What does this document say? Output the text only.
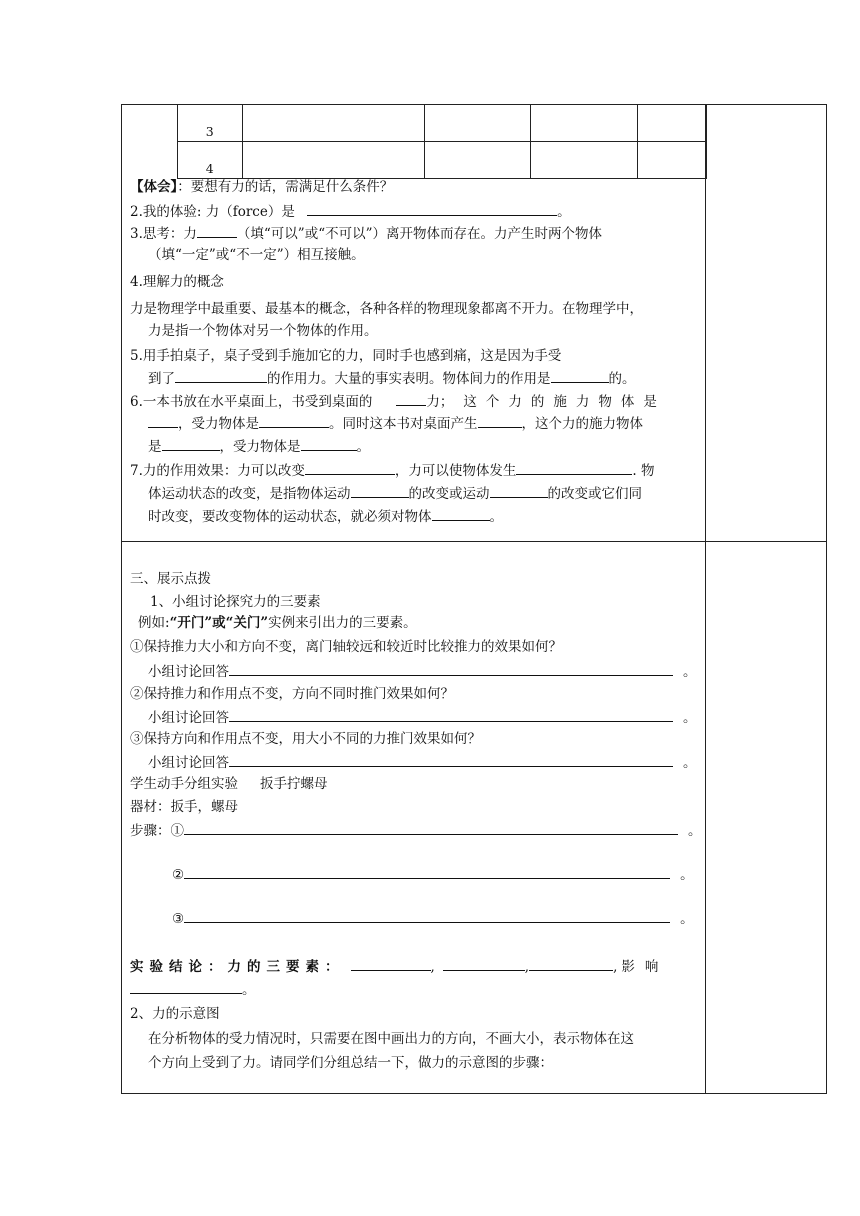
3				
4				
【体会】：要想有力的话，需满足什么条件？
2.我的体验: 力（force）是	。
3.思考：力	（填“可以”或“不可以”）离开物体而存在。力产生时两个物体
（填“一定”或“不一定”）相互接触。
4.理解力的概念
力是物理学中最重要、最基本的概念，各种各样的物理现象都离不开力。在物理学中，
力是指一个物体对另一个物体的作用。
5.用手拍桌子，桌子受到手施加它的力，同时手也感到痛，这是因为手受
到了	的作用力。大量的事实表明。物体间力的作用是	的。
6.一本书放在水平桌面上，书受到桌面的	力； 这个力的施力物体是
，受力物体是	。同时这本书对桌面产生	，这个力的施力物体
是	，受力物体是	。
7.力的作用效果：力可以改变	，力可以使物体发生	. 物
体运动状态的改变，是指物体运动	的改变或运动	的改变或它们同
时改变，要改变物体的运动状态，就必须对物体	。
三、展示点拨
1、小组讨论探究力的三要素
例如:“开门”或“关门”实例来引出力的三要素。
①保持推力大小和方向不变，离门轴较远和较近时比较推力的效果如何？
小组讨论回答	。
②保持推力和作用点不变，方向不同时推门效果如何？
小组讨论回答	。
③保持方向和作用点不变，用大小不同的力推门效果如何？
小组讨论回答	。
学生动手分组实验 扳手拧螺母
器材：扳手，螺母
步骤：①	。
②	。
③	。
实验结论：力的三要素：	,	,	, 影响
。
2、力的示意图
在分析物体的受力情况时，只需要在图中画出力的方向，不画大小，表示物体在这
个方向上受到了力。请同学们分组总结一下，做力的示意图的步骤：
